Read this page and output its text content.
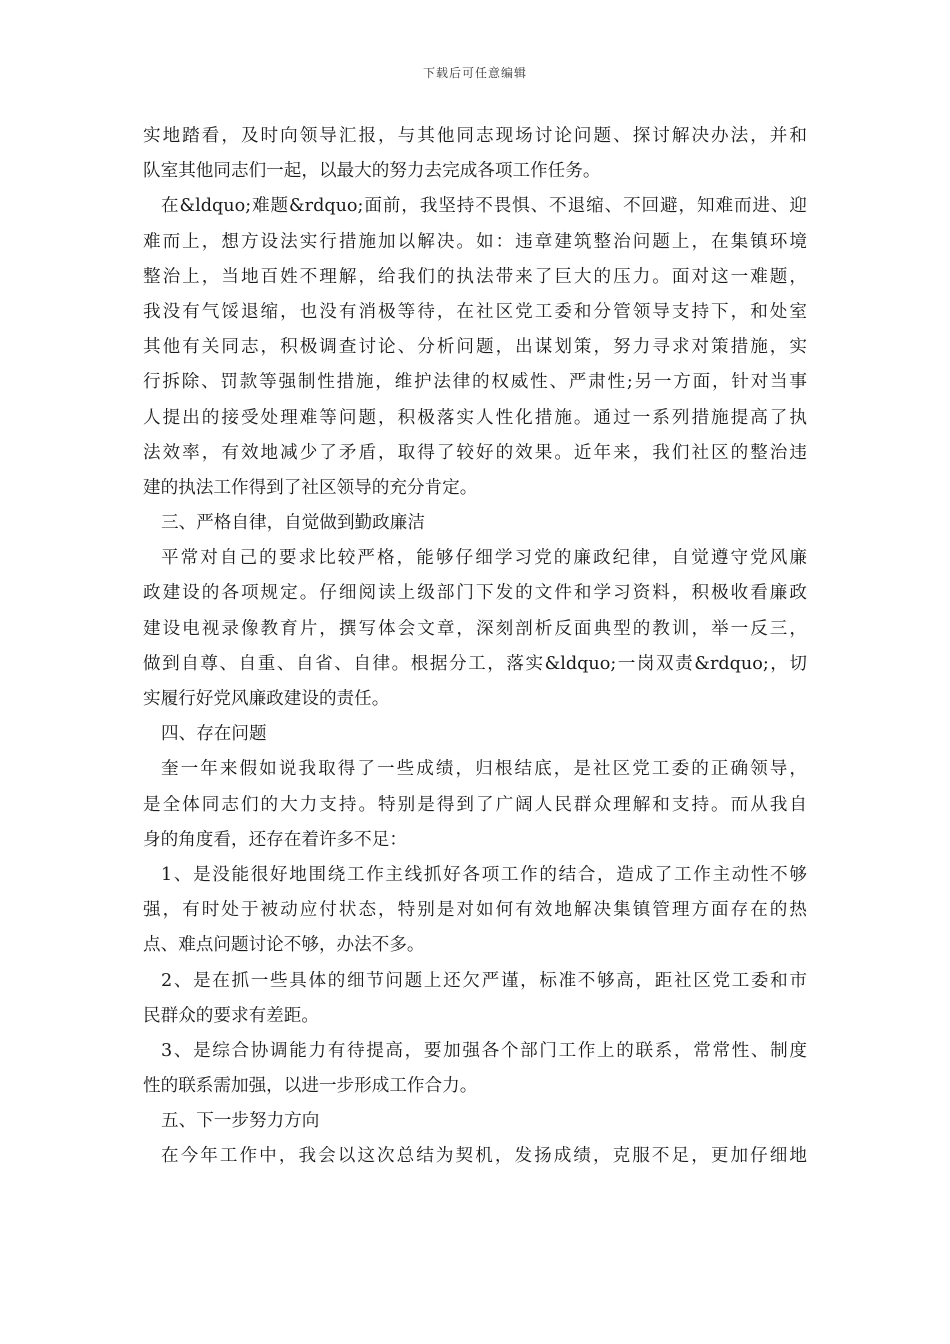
下载后可任意编辑
实地踏看，及时向领导汇报，与其他同志现场讨论问题、探讨解决办法，并和
队室其他同志们一起，以最大的努力去完成各项工作任务。
在&ldquo;难题&rdquo;面前，我坚持不畏惧、不退缩、不回避，知难而进、迎
难而上，想方设法实行措施加以解决。如：违章建筑整治问题上，在集镇环境
整治上，当地百姓不理解，给我们的执法带来了巨大的压力。面对这一难题，
我没有气馁退缩，也没有消极等待，在社区党工委和分管领导支持下，和处室
其他有关同志，积极调查讨论、分析问题，出谋划策，努力寻求对策措施，实
行拆除、罚款等强制性措施，维护法律的权威性、严肃性;另一方面，针对当事
人提出的接受处理难等问题，积极落实人性化措施。通过一系列措施提高了执
法效率，有效地减少了矛盾，取得了较好的效果。近年来，我们社区的整治违
建的执法工作得到了社区领导的充分肯定。
三、严格自律，自觉做到勤政廉洁
平常对自己的要求比较严格，能够仔细学习党的廉政纪律，自觉遵守党风廉
政建设的各项规定。仔细阅读上级部门下发的文件和学习资料，积极收看廉政
建设电视录像教育片，撰写体会文章，深刻剖析反面典型的教训，举一反三，
做到自尊、自重、自省、自律。根据分工，落实&ldquo;一岗双责&rdquo;，切
实履行好党风廉政建设的责任。
四、存在问题
奎一年来假如说我取得了一些成绩，归根结底，是社区党工委的正确领导，
是全体同志们的大力支持。特别是得到了广阔人民群众理解和支持。而从我自
身的角度看，还存在着许多不足：
1、是没能很好地围绕工作主线抓好各项工作的结合，造成了工作主动性不够
强，有时处于被动应付状态，特别是对如何有效地解决集镇管理方面存在的热
点、难点问题讨论不够，办法不多。
2、是在抓一些具体的细节问题上还欠严谨，标准不够高，距社区党工委和市
民群众的要求有差距。
3、是综合协调能力有待提高，要加强各个部门工作上的联系，常常性、制度
性的联系需加强，以进一步形成工作合力。
五、下一步努力方向
在今年工作中，我会以这次总结为契机，发扬成绩，克服不足，更加仔细地
